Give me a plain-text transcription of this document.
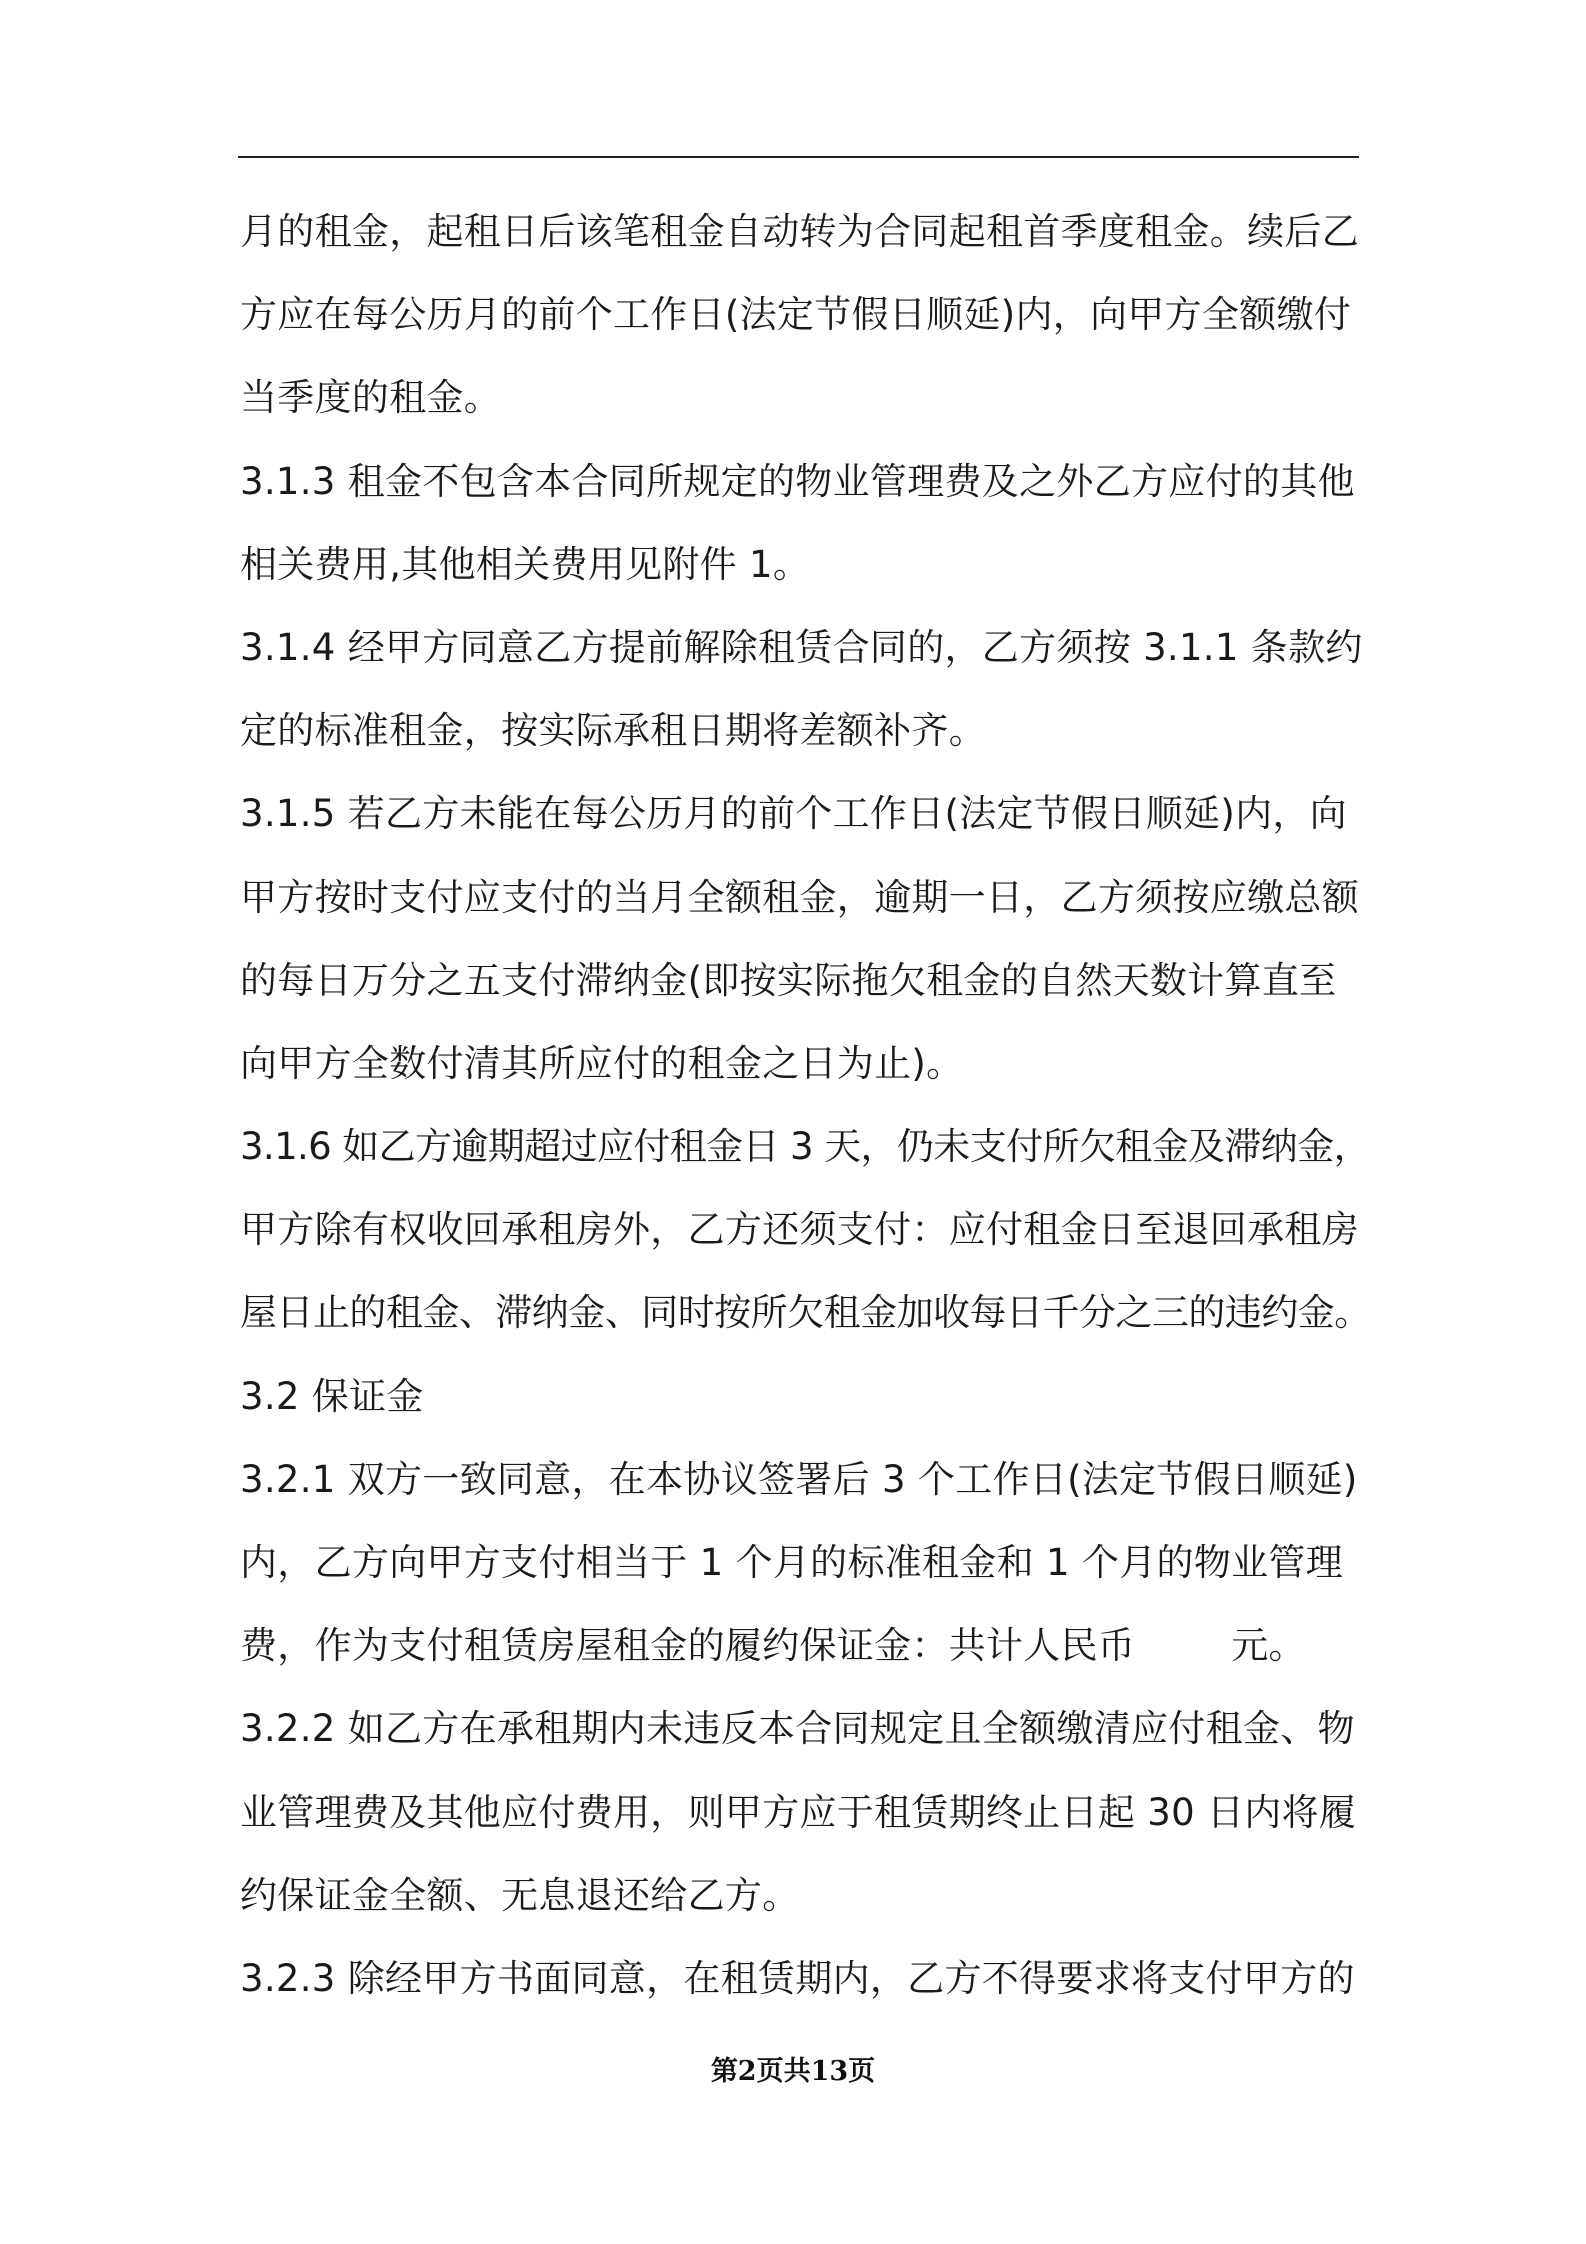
月的租金，起租日后该笔租金自动转为合同起租首季度租金。续后乙
方应在每公历月的前个工作日(法定节假日顺延)内，向甲方全额缴付
当季度的租金。
3.1.3 租金不包含本合同所规定的物业管理费及之外乙方应付的其他
相关费用,其他相关费用见附件 1。
3.1.4 经甲方同意乙方提前解除租赁合同的，乙方须按 3.1.1 条款约
定的标准租金，按实际承租日期将差额补齐。
3.1.5 若乙方未能在每公历月的前个工作日(法定节假日顺延)内，向
甲方按时支付应支付的当月全额租金，逾期一日，乙方须按应缴总额
的每日万分之五支付滞纳金(即按实际拖欠租金的自然天数计算直至
向甲方全数付清其所应付的租金之日为止)。
3.1.6 如乙方逾期超过应付租金日 3 天，仍未支付所欠租金及滞纳金，
甲方除有权收回承租房外，乙方还须支付：应付租金日至退回承租房
屋日止的租金、滞纳金、同时按所欠租金加收每日千分之三的违约金。
3.2 保证金
3.2.1 双方一致同意，在本协议签署后 3 个工作日(法定节假日顺延)
内，乙方向甲方支付相当于 1 个月的标准租金和 1 个月的物业管理
费，作为支付租赁房屋租金的履约保证金：共计人民币	元。
3.2.2 如乙方在承租期内未违反本合同规定且全额缴清应付租金、物
业管理费及其他应付费用，则甲方应于租赁期终止日起 30 日内将履
约保证金全额、无息退还给乙方。
3.2.3 除经甲方书面同意，在租赁期内，乙方不得要求将支付甲方的
第2页共13页
